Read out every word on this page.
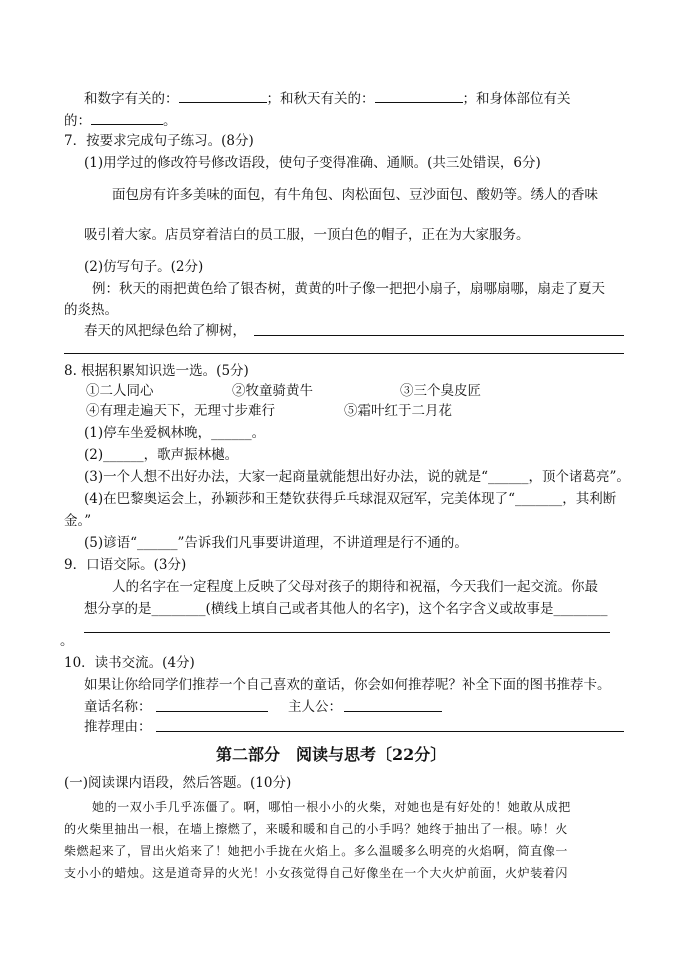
和数字有关的：	；和秋天有关的：	；和身体部位有关
的：	。
7．按要求完成句子练习。(8分)
(1)用学过的修改符号修改语段，使句子变得准确、通顺。(共三处错误，6分)
面包房有许多美味的面包，有牛角包、肉松面包、豆沙面包、酸奶等。绣人的香味
吸引着大家。店员穿着洁白的员工服，一顶白色的帽子，正在为大家服务。
(2)仿写句子。(2分)
例：秋天的雨把黄色给了银杏树，黄黄的叶子像一把把小扇子，扇哪扇哪，扇走了夏天
的炎热。
春天的风把绿色给了柳树，
8. 根据积累知识选一选。(5分)
①二人同心	②牧童骑黄牛	③三个臭皮匠
④有理走遍天下，无理寸步难行	⑤霜叶红于二月花
(1)停车坐爱枫林晚，______。
(2)______，歌声振林樾。
(3)一个人想不出好办法，大家一起商量就能想出好办法，说的就是“______，顶个诸葛亮”。
(4)在巴黎奥运会上，孙颖莎和王楚钦获得乒乓球混双冠军，完美体现了“_______，其利断
金。”
(5)谚语“______”告诉我们凡事要讲道理，不讲道理是行不通的。
9．口语交际。(3分)
人的名字在一定程度上反映了父母对孩子的期待和祝福，今天我们一起交流。你最
想分享的是________(横线上填自己或者其他人的名字)，这个名字含义或故事是________
。
10．读书交流。(4分)
如果让你给同学们推荐一个自己喜欢的童话，你会如何推荐呢？补全下面的图书推荐卡。
童话名称：	主人公：
推荐理由：
第二部分　阅读与思考〔22分〕
(一)阅读课内语段，然后答题。(10分)
她的一双小手几乎冻僵了。啊，哪怕一根小小的火柴，对她也是有好处的！她敢从成把
的火柴里抽出一根，在墙上擦燃了，来暖和暖和自己的小手吗？她终于抽出了一根。哧！火
柴燃起来了，冒出火焰来了！她把小手拢在火焰上。多么温暖多么明亮的火焰啊，简直像一
支小小的蜡烛。这是道奇异的火光！小女孩觉得自己好像坐在一个大火炉前面，火炉装着闪
